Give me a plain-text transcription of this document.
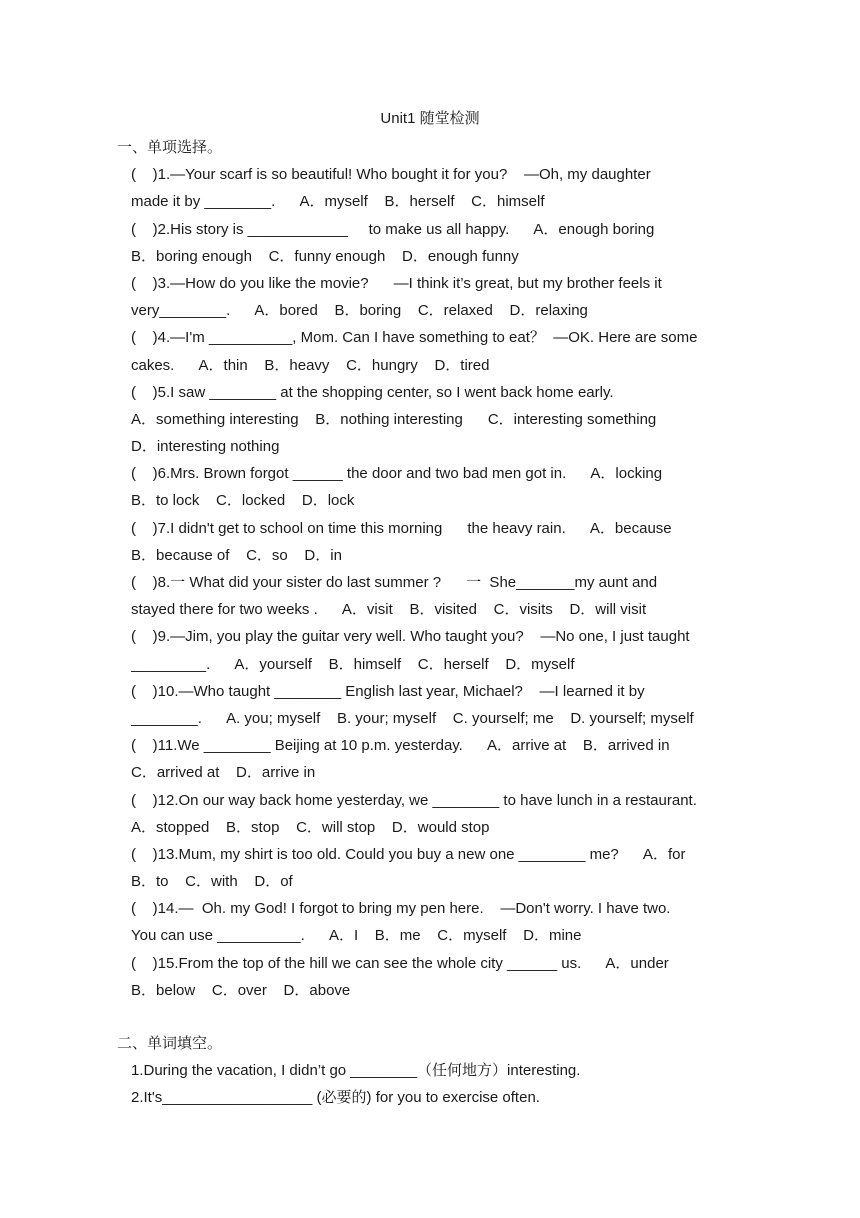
Unit1 随堂检测
一、单项选择。
(    )1.—Your scarf is so beautiful! Who bought it for you?    —Oh, my daughter
made it by ________.      A．myself    B．herself    C．himself
(    )2.His story is ____________     to make us all happy.      A．enough boring
B．boring enough    C．funny enough    D．enough funny
(    )3.—How do you like the movie?      —I think it’s great, but my brother feels it
very________.      A．bored    B．boring    C．relaxed    D．relaxing
(    )4.—I'm __________, Mom. Can I have something to eat？  —OK. Here are some
cakes.      A．thin    B．heavy    C．hungry    D．tired
(    )5.I saw ________ at the shopping center, so I went back home early.
A．something interesting    B．nothing interesting      C．interesting something
D．interesting nothing
(    )6.Mrs. Brown forgot ______ the door and two bad men got in.      A．locking
B．to lock    C．locked    D．lock
(    )7.I didn't get to school on time this morning      the heavy rain.      A．because
B．because of    C．so    D．in
(    )8.一 What did your sister do last summer ?      一  She_______my aunt and
stayed there for two weeks .      A．visit    B．visited    C．visits    D．will visit
(    )9.—Jim, you play the guitar very well. Who taught you?    —No one, I just taught
_________.      A．yourself    B．himself    C．herself    D．myself
(    )10.—Who taught ________ English last year, Michael?    —I learned it by
________.      A. you; myself    B. your; myself    C. yourself; me    D. yourself; myself
(    )11.We ________ Beijing at 10 p.m. yesterday.      A．arrive at    B．arrived in
C．arrived at    D．arrive in
(    )12.On our way back home yesterday, we ________ to have lunch in a restaurant.
A．stopped    B．stop    C．will stop    D．would stop
(    )13.Mum, my shirt is too old. Could you buy a new one ________ me?      A．for
B．to    C．with    D．of
(    )14.—  Oh. my God! I forgot to bring my pen here.    —Don't worry. I have two.
You can use __________.      A．I    B．me    C．myself    D．mine
(    )15.From the top of the hill we can see the whole city ______ us.      A．under
B．below    C．over    D．above
二、单词填空。
1.During the vacation, I didn’t go ________（任何地方）interesting.
2.It's__________________ (必要的) for you to exercise often.
